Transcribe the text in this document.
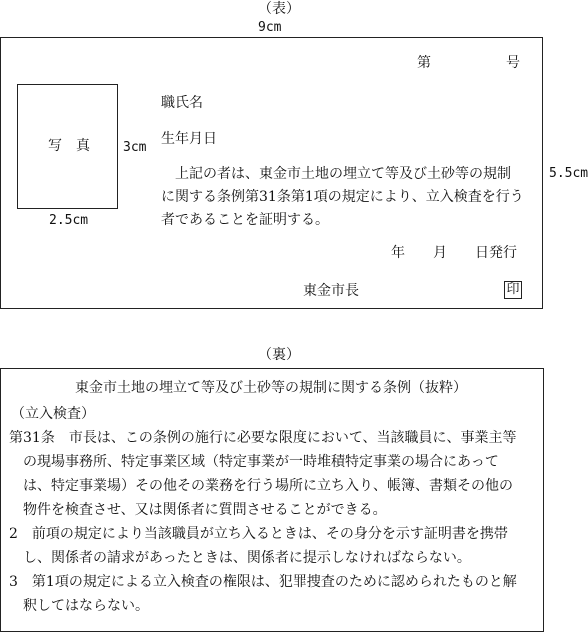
（表）
9cm
第	号
写　真	3cm
2.5cm
職氏名
生年月日
上記の者は、東金市土地の埋立て等及び土砂等の規制
に関する条例第31条第1項の規定により、立入検査を行う
者であることを証明する。
年　　月　　日発行
東金市長	印
5.5cm
（裏）
東金市土地の埋立て等及び土砂等の規制に関する条例（抜粋）
（立入検査）
第31条　市長は、この条例の施行に必要な限度において、当該職員に、事業主等
の現場事務所、特定事業区域（特定事業が一時堆積特定事業の場合にあって
は、特定事業場）その他その業務を行う場所に立ち入り、帳簿、書類その他の
物件を検査させ、又は関係者に質問させることができる。
2　前項の規定により当該職員が立ち入るときは、その身分を示す証明書を携帯
し、関係者の請求があったときは、関係者に提示しなければならない。
3　第1項の規定による立入検査の権限は、犯罪捜査のために認められたものと解
釈してはならない。
